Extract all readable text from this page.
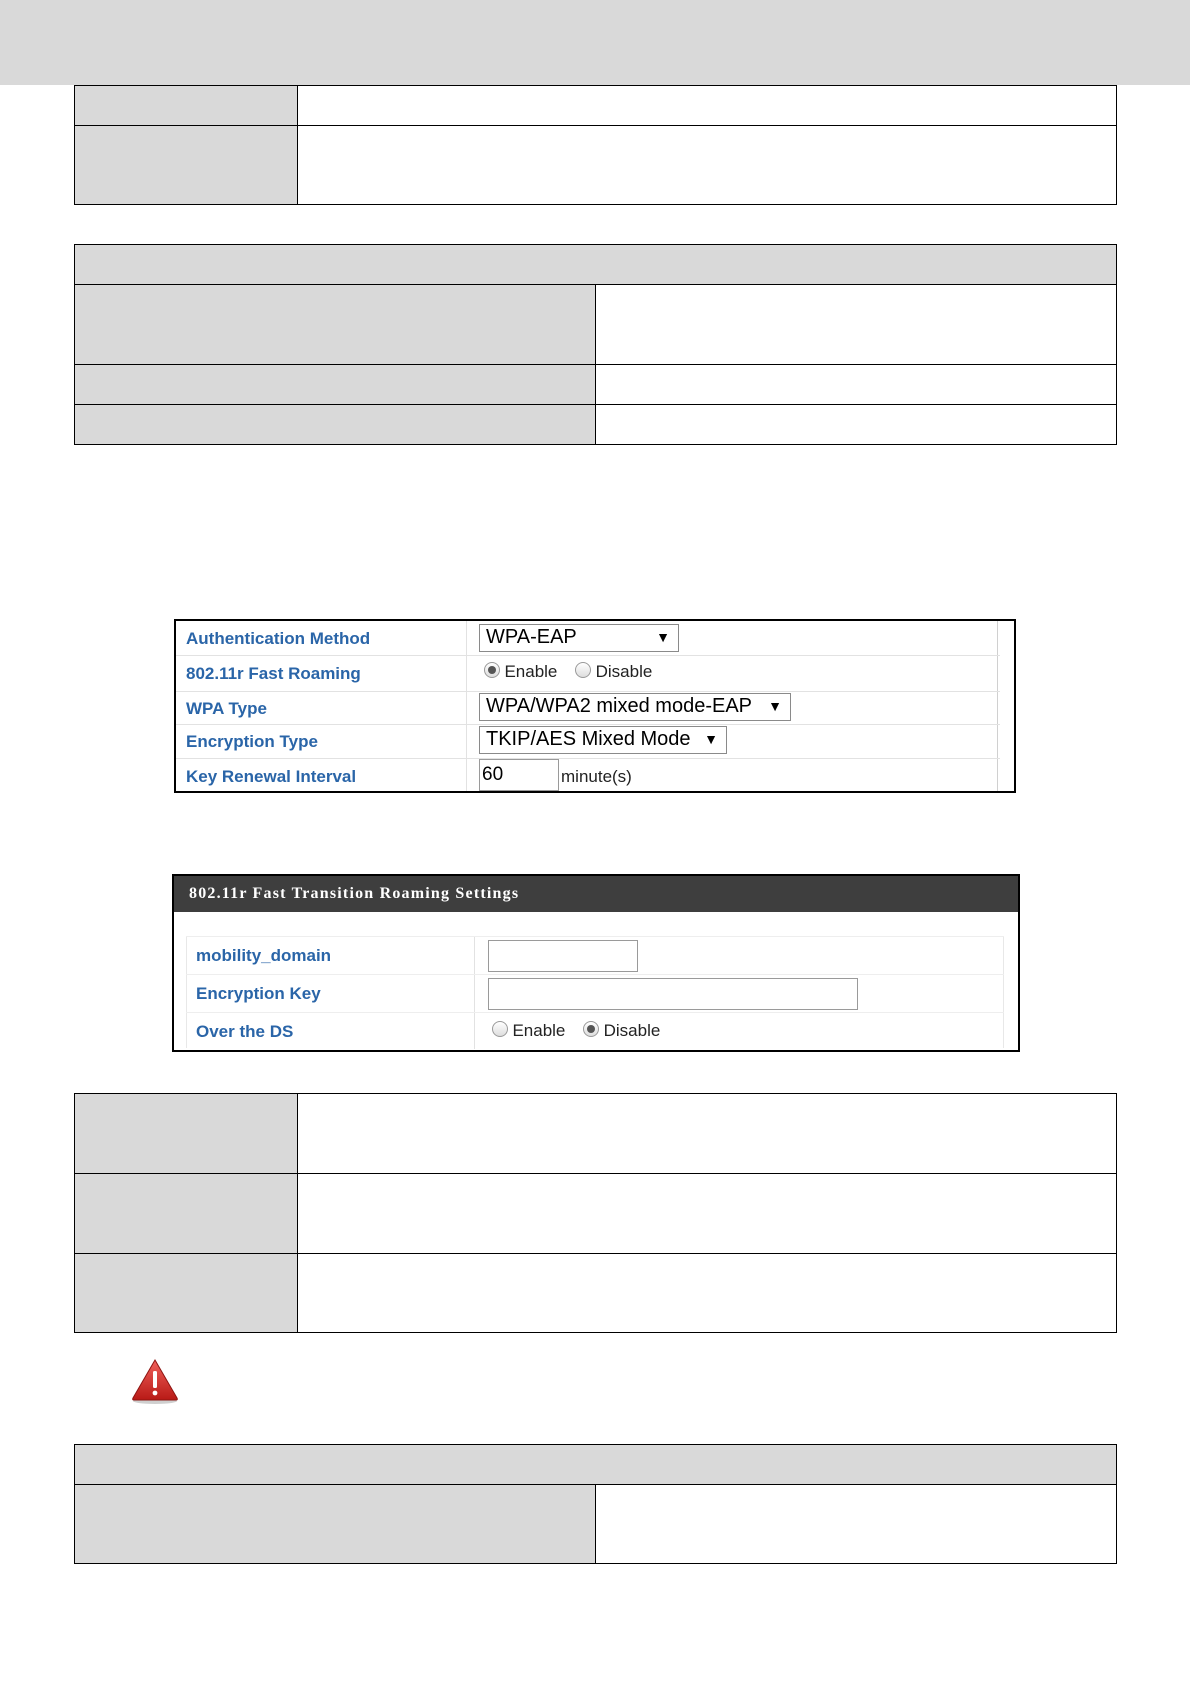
Authentication Method	WPA-EAP	▼
802.11r Fast Roaming	Enable Disable
WPA Type	WPA/WPA2 mixed mode-EAP ▼
Encryption Type	TKIP/AES Mixed Mode ▼
Key Renewal Interval	60	minute(s)
802.11r Fast Transition Roaming Settings
mobility_domain
Encryption Key
Over the DS	Enable Disable
